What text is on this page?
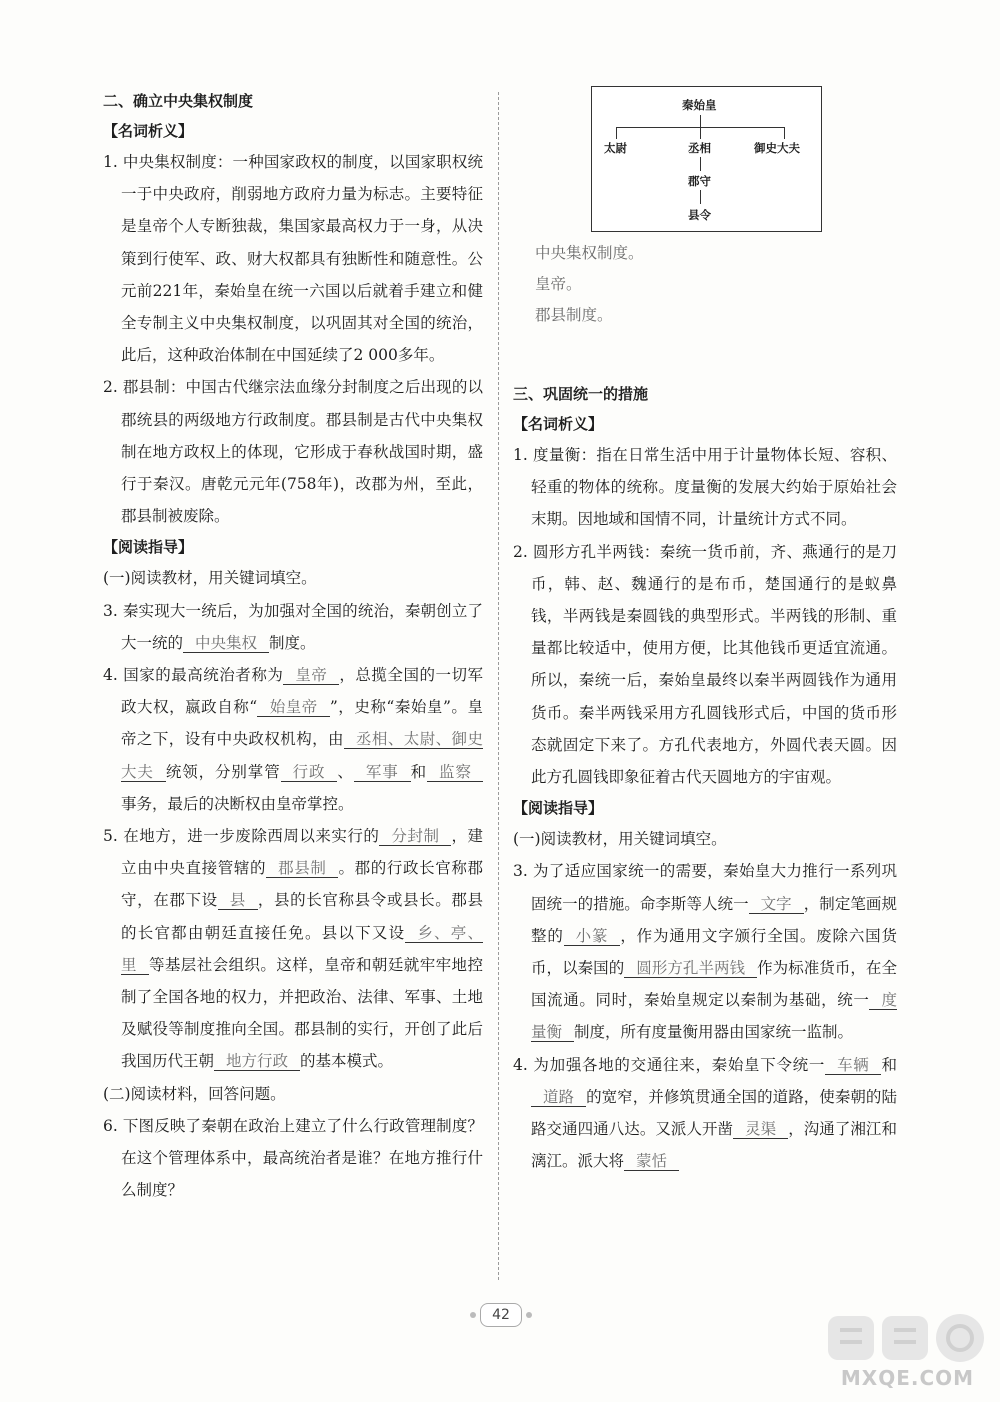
二、确立中央集权制度
【名词析义】
1. 中央集权制度：一种国家政权的制度，以国家职权统一于中央政府，削弱地方政府力量为标志。主要特征是皇帝个人专断独裁，集国家最高权力于一身，从决策到行使军、政、财大权都具有独断性和随意性。公元前221年，秦始皇在统一六国以后就着手建立和健全专制主义中央集权制度，以巩固其对全国的统治，此后，这种政治体制在中国延续了2 000多年。
2. 郡县制：中国古代继宗法血缘分封制度之后出现的以郡统县的两级地方行政制度。郡县制是古代中央集权制在地方政权上的体现，它形成于春秋战国时期，盛行于秦汉。唐乾元元年(758年)，改郡为州，至此，郡县制被废除。
【阅读指导】
(一)阅读教材，用关键词填空。
3. 秦实现大一统后，为加强对全国的统治，秦朝创立了大一统的 中央集权 制度。
4. 国家的最高统治者称为 皇帝 ，总揽全国的一切军政大权，嬴政自称“ 始皇帝 ”，史称“秦始皇”。皇帝之下，设有中央政权机构，由 丞相、太尉、御史大夫 统领，分别掌管 行政 、 军事 和 监察事务，最后的决断权由皇帝掌控。
5. 在地方，进一步废除西周以来实行的 分封制 ，建立由中央直接管辖的 郡县制 。郡的行政长官称郡守，在郡下设 县 ，县的长官称县令或县长。郡县的长官都由朝廷直接任免。县以下又设 乡、亭、里 等基层社会组织。这样，皇帝和朝廷就牢牢地控制了全国各地的权力，并把政治、法律、军事、土地及赋役等制度推向全国。郡县制的实行，开创了此后我国历代王朝 地方行政 的基本模式。
(二)阅读材料，回答问题。
6. 下图反映了秦朝在政治上建立了什么行政管理制度？在这个管理体系中，最高统治者是谁？在地方推行什么制度？
秦始皇
太尉	丞相	御史大夫
郡守
县令
中央集权制度。
皇帝。
郡县制度。
三、巩固统一的措施
【名词析义】
1. 度量衡：指在日常生活中用于计量物体长短、容积、轻重的物体的统称。度量衡的发展大约始于原始社会末期。因地域和国情不同，计量统计方式不同。
2. 圆形方孔半两钱：秦统一货币前，齐、燕通行的是刀币，韩、赵、魏通行的是布币，楚国通行的是蚁鼻钱，半两钱是秦圆钱的典型形式。半两钱的形制、重量都比较适中，使用方便，比其他钱币更适宜流通。所以，秦统一后，秦始皇最终以秦半两圆钱作为通用货币。秦半两钱采用方孔圆钱形式后，中国的货币形态就固定下来了。方孔代表地方，外圆代表天圆。因此方孔圆钱即象征着古代天圆地方的宇宙观。
【阅读指导】
(一)阅读教材，用关键词填空。
3. 为了适应国家统一的需要，秦始皇大力推行一系列巩固统一的措施。命李斯等人统一 文字 ，制定笔画规整的 小篆 ，作为通用文字颁行全国。废除六国货币，以秦国的 圆形方孔半两钱 作为标准货币，在全国流通。同时，秦始皇规定以秦制为基础，统一 度量衡 制度，所有度量衡用器由国家统一监制。
4. 为加强各地的交通往来，秦始皇下令统一 车辆 和道路 的宽窄，并修筑贯通全国的道路，使秦朝的陆路交通四通八达。又派人开凿 灵渠 ，沟通了湘江和漓江。派大将 蒙恬
42
MXQE.COM
